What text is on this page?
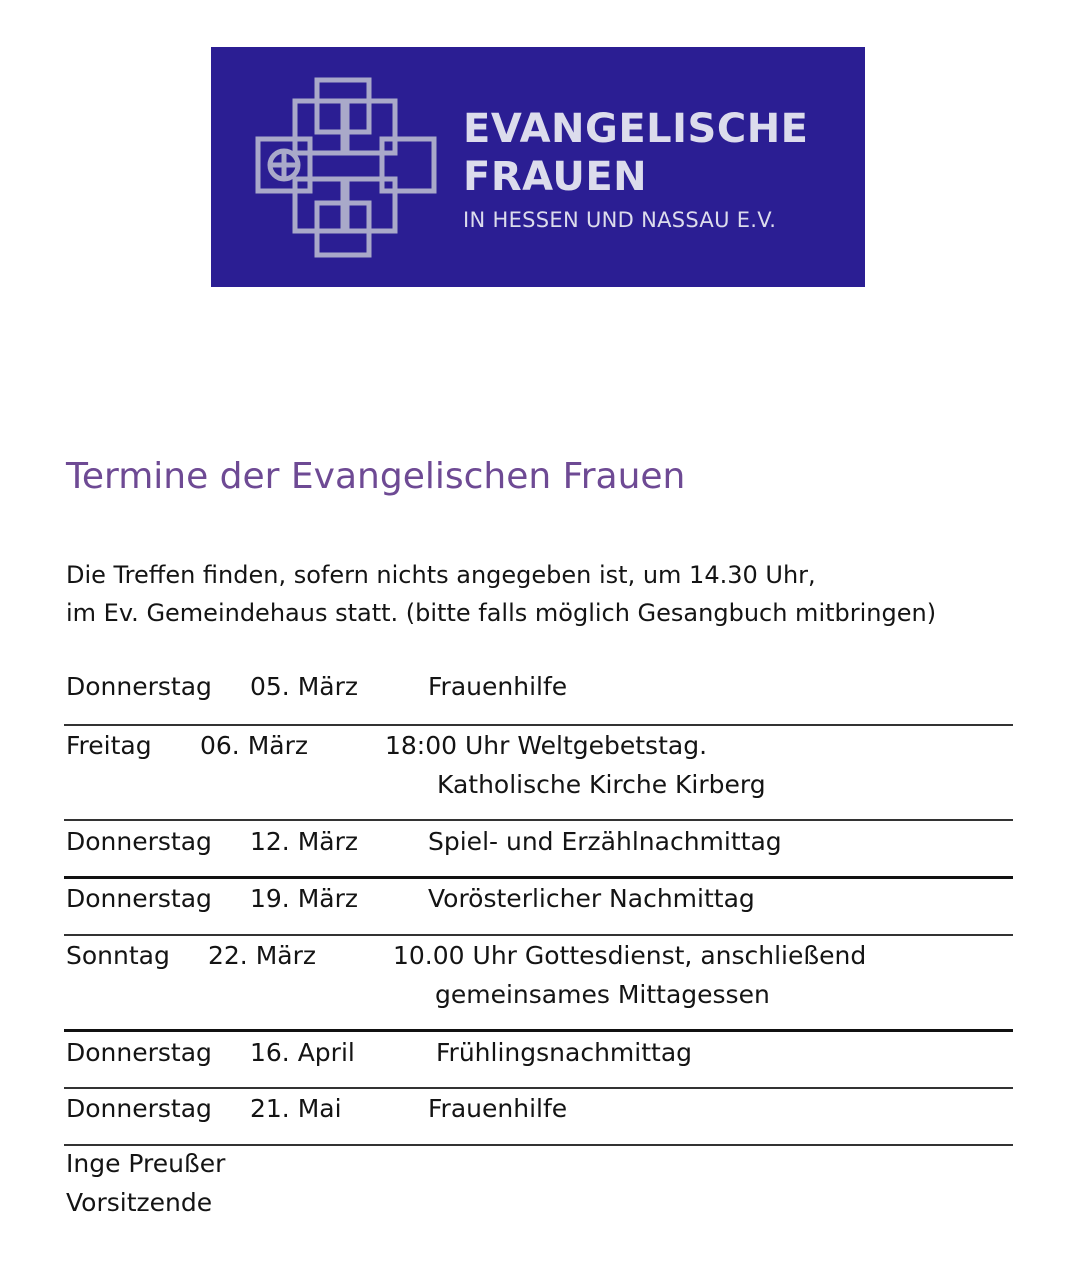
EVANGELISCHE
FRAUEN
IN HESSEN UND NASSAU E.V.
Termine der Evangelischen Frauen
Die Treffen finden, sofern nichts angegeben ist, um 14.30 Uhr,
im Ev. Gemeindehaus statt. (bitte falls möglich Gesangbuch mitbringen)
Donnerstag 05. März	Frauenhilfe
Freitag 06. März	18:00 Uhr Weltgebetstag.
Katholische Kirche Kirberg
Donnerstag 12. März	Spiel- und Erzählnachmittag
Donnerstag 19. März	Vorösterlicher Nachmittag
Sonntag 22. März	10.00 Uhr Gottesdienst, anschließend
gemeinsames Mittagessen
Donnerstag 16. April	Frühlingsnachmittag
Donnerstag 21. Mai	Frauenhilfe
Inge Preußer
Vorsitzende
